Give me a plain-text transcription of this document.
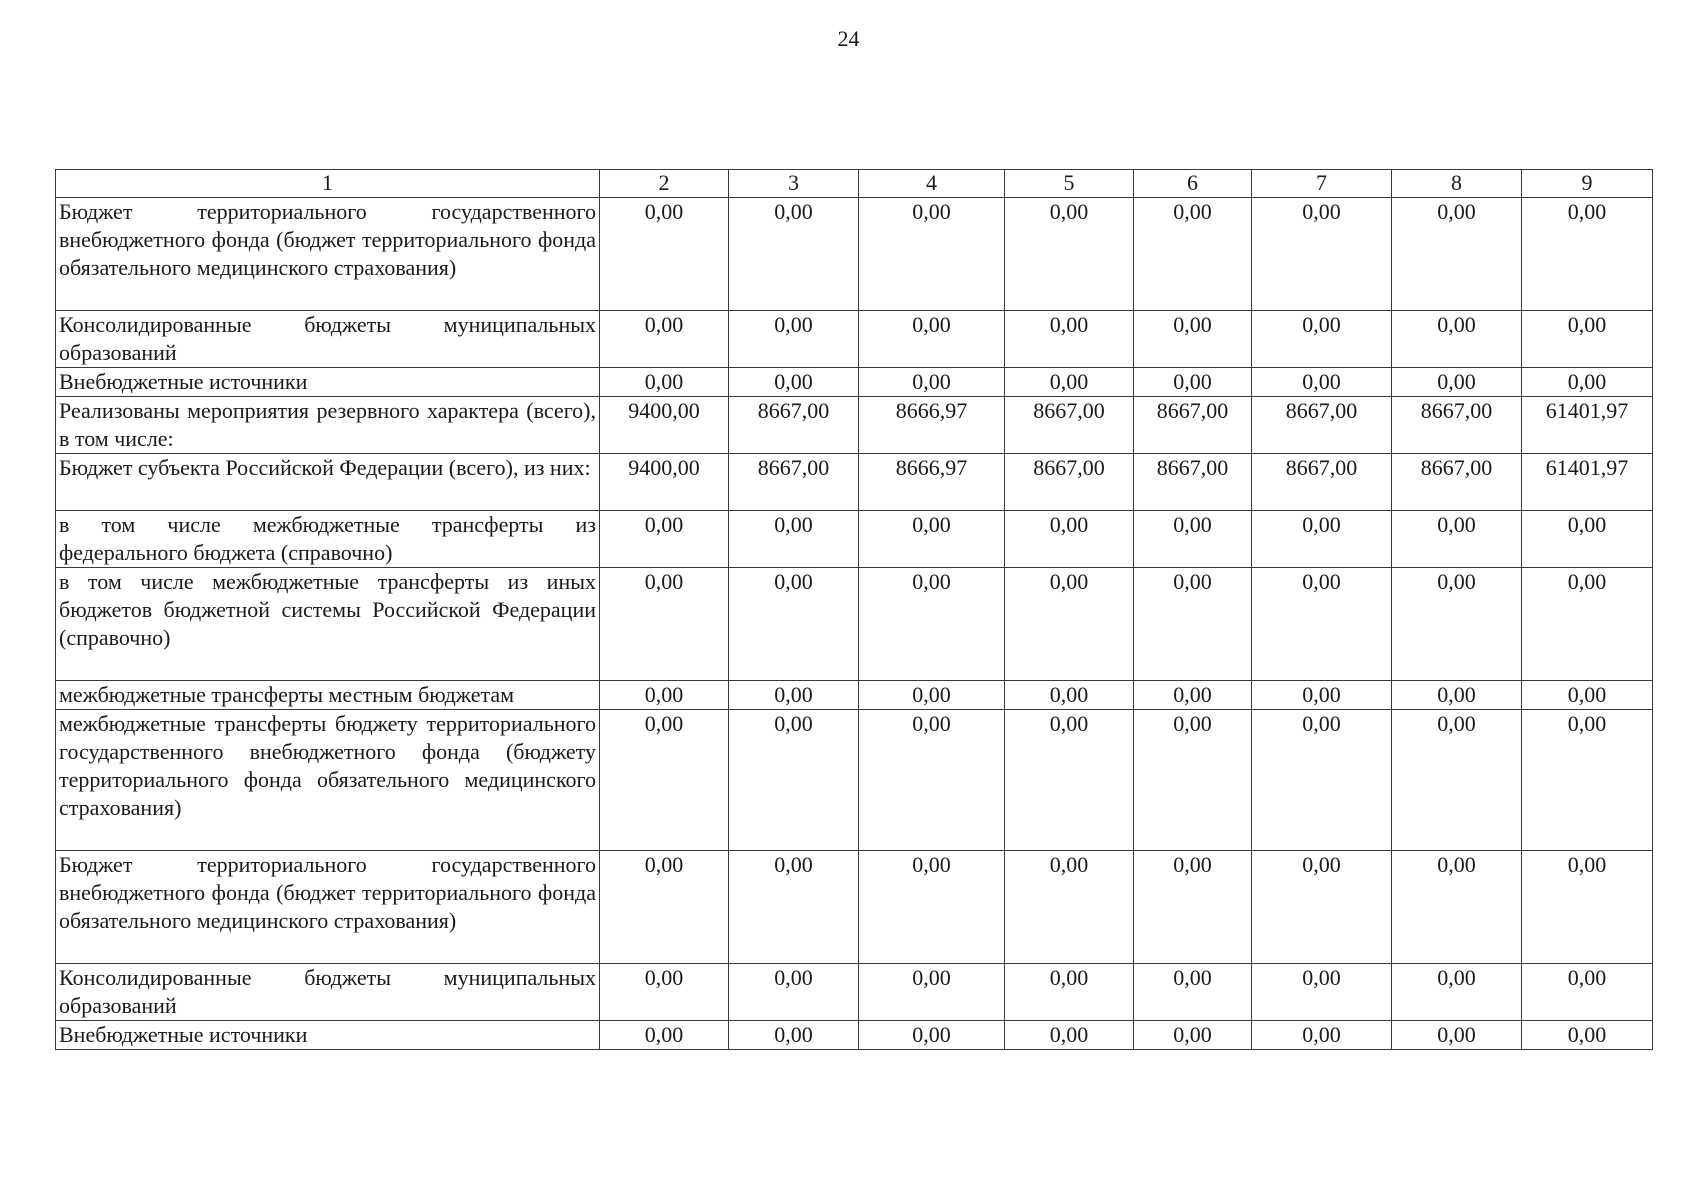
24
1	2	3	4	5	6	7	8	9
Бюджет территориального государственного внебюджетного фонда (бюджет территориального фонда обязательного медицинского страхования)	0,00	0,00	0,00	0,00	0,00	0,00	0,00	0,00
Консолидированные бюджеты муниципальных образований	0,00	0,00	0,00	0,00	0,00	0,00	0,00	0,00
Внебюджетные источники	0,00	0,00	0,00	0,00	0,00	0,00	0,00	0,00
Реализованы мероприятия резервного характера (всего), в том числе:	9400,00	8667,00	8666,97	8667,00	8667,00	8667,00	8667,00	61401,97
Бюджет субъекта Российской Федерации (всего), из них:	9400,00	8667,00	8666,97	8667,00	8667,00	8667,00	8667,00	61401,97
в том числе межбюджетные трансферты из федерального бюджета (справочно)	0,00	0,00	0,00	0,00	0,00	0,00	0,00	0,00
в том числе межбюджетные трансферты из иных бюджетов бюджетной системы Российской Федерации (справочно)	0,00	0,00	0,00	0,00	0,00	0,00	0,00	0,00
межбюджетные трансферты местным бюджетам	0,00	0,00	0,00	0,00	0,00	0,00	0,00	0,00
межбюджетные трансферты бюджету территориального государственного внебюджетного фонда (бюджету территориального фонда обязательного медицинского страхования)	0,00	0,00	0,00	0,00	0,00	0,00	0,00	0,00
Бюджет территориального государственного внебюджетного фонда (бюджет территориального фонда обязательного медицинского страхования)	0,00	0,00	0,00	0,00	0,00	0,00	0,00	0,00
Консолидированные бюджеты муниципальных образований	0,00	0,00	0,00	0,00	0,00	0,00	0,00	0,00
Внебюджетные источники	0,00	0,00	0,00	0,00	0,00	0,00	0,00	0,00
